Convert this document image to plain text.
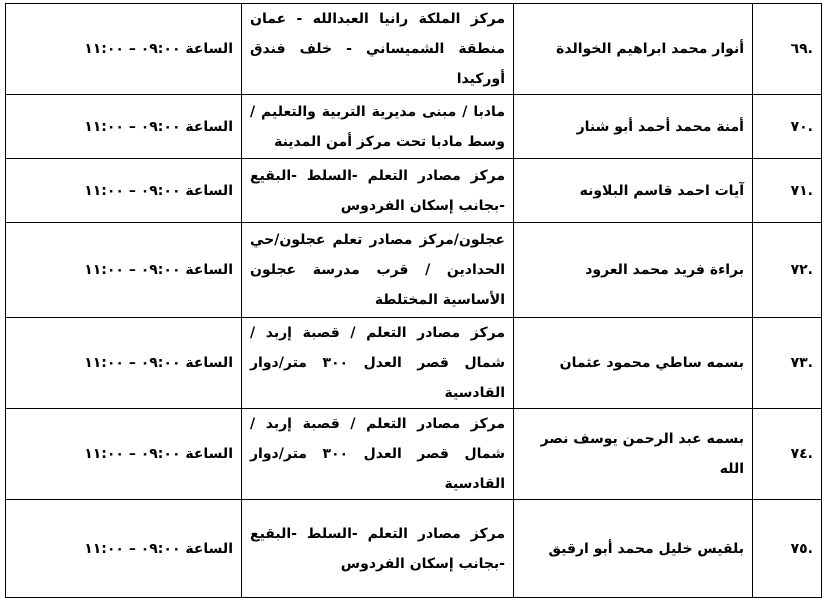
.٦٩	أنوار محمد ابراهيم الخوالدة	مركز الملكة رانيا العبدالله - عمان منطقة الشميساني - خلف فندق أوركيدا	الساعة ٠٩:٠٠ – ١١:٠٠
.٧٠	أمنة محمد أحمد أبو شنار	مادبا / مبنى مديرية التربية والتعليم /وسط مادبا تحت مركز أمن المدينة	الساعة ٠٩:٠٠ – ١١:٠٠
.٧١	آيات احمد قاسم البلاونه	مركز مصادر التعلم -السلط -البقيع -بجانب إسكان الفردوس	الساعة ٠٩:٠٠ – ١١:٠٠
.٧٢	براءة فريد محمد العرود	عجلون/مركز مصادر تعلم عجلون/حي الحدادين / قرب مدرسة عجلون الأساسية المختلطة	الساعة ٠٩:٠٠ – ١١:٠٠
.٧٣	بسمه ساطي محمود عثمان	مركز مصادر التعلم / قصبة إربد / شمال قصر العدل ٣٠٠ متر/دوار القادسية	الساعة ٠٩:٠٠ – ١١:٠٠
.٧٤	بسمه عبد الرحمن يوسف نصر الله	مركز مصادر التعلم / قصبة إربد / شمال قصر العدل ٣٠٠ متر/دوار القادسية	الساعة ٠٩:٠٠ – ١١:٠٠
.٧٥	بلقيس خليل محمد أبو ارقيق	مركز مصادر التعلم -السلط -البقيع -بجانب إسكان الفردوس	الساعة ٠٩:٠٠ – ١١:٠٠
